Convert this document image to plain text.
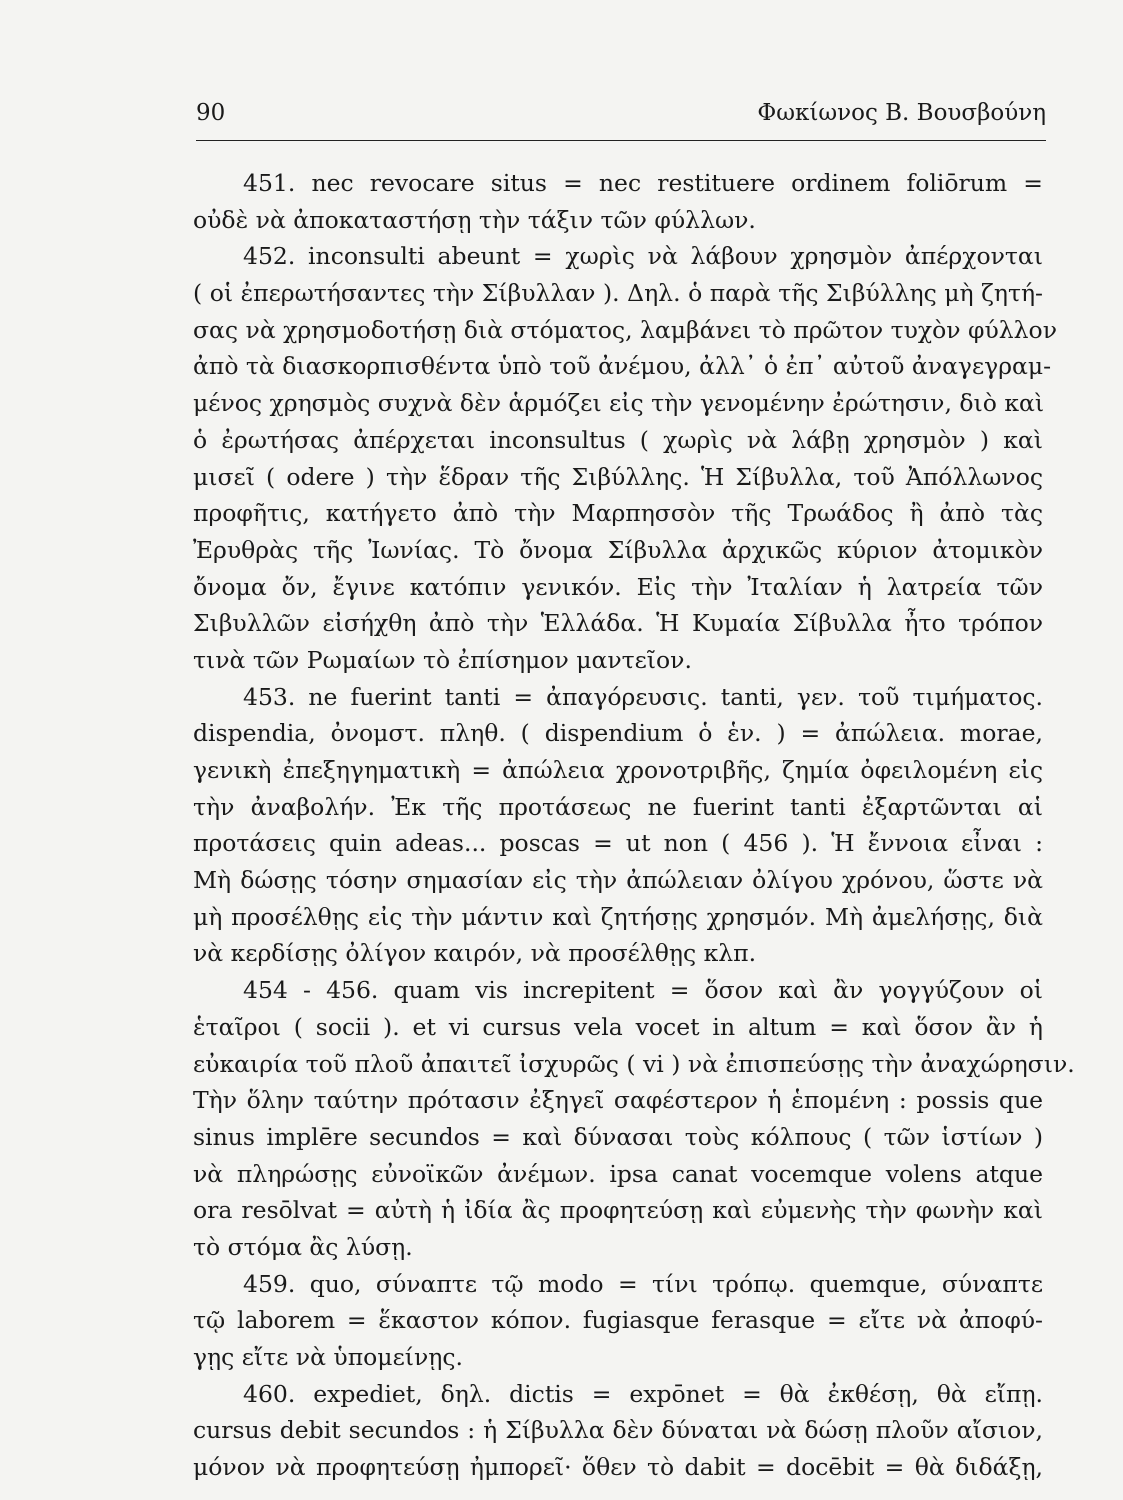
90	Φωκίωνος Β. Βουσβούνη
451. nec revocare situs = nec restituere ordinem foliōrum =
οὐδὲ νὰ ἀποκαταστήσῃ τὴν τάξιν τῶν φύλλων.
452. inconsulti abeunt = χωρὶς νὰ λάβουν χρησμὸν ἀπέρχονται
( οἱ ἐπερωτήσαντες τὴν Σίβυλλαν ). Δηλ. ὁ παρὰ τῆς Σιβύλλης μὴ ζητή-
σας νὰ χρησμοδοτήσῃ διὰ στόματος, λαμβάνει τὸ πρῶτον τυχὸν φύλλον
ἀπὸ τὰ διασκορπισθέντα ὑπὸ τοῦ ἀνέμου, ἀλλ᾽ ὁ ἐπ᾽ αὐτοῦ ἀναγεγραμ-
μένος χρησμὸς συχνὰ δὲν ἁρμόζει εἰς τὴν γενομένην ἐρώτησιν, διὸ καὶ
ὁ ἐρωτήσας ἀπέρχεται inconsultus ( χωρὶς νὰ λάβῃ χρησμὸν ) καὶ
μισεῖ ( odere ) τὴν ἕδραν τῆς Σιβύλλης. Ἡ Σίβυλλα, τοῦ Ἀπόλλωνος
προφῆτις, κατήγετο ἀπὸ τὴν Μαρπησσὸν τῆς Τρωάδος ἢ ἀπὸ τὰς
Ἐρυθρὰς τῆς Ἰωνίας. Τὸ ὄνομα Σίβυλλα ἀρχικῶς κύριον ἀτομικὸν
ὄνομα ὄν, ἔγινε κατόπιν γενικόν. Εἰς τὴν Ἰταλίαν ἡ λατρεία τῶν
Σιβυλλῶν εἰσήχθη ἀπὸ τὴν Ἑλλάδα. Ἡ Κυμαία Σίβυλλα ἦτο τρόπον
τινὰ τῶν Ρωμαίων τὸ ἐπίσημον μαντεῖον.
453. ne fuerint tanti = ἀπαγόρευσις. tanti, γεν. τοῦ τιμήματος.
dispendia, ὀνομστ. πληθ. ( dispendium ὁ ἑν. ) = ἀπώλεια. morae,
γενικὴ ἐπεξηγηματικὴ = ἀπώλεια χρονοτριβῆς, ζημία ὀφειλομένη εἰς
τὴν ἀναβολήν. Ἐκ τῆς προτάσεως ne fuerint tanti ἐξαρτῶνται αἱ
προτάσεις quin adeas... poscas = ut non ( 456 ). Ἡ ἔννοια εἶναι :
Μὴ δώσῃς τόσην σημασίαν εἰς τὴν ἀπώλειαν ὀλίγου χρόνου, ὥστε νὰ
μὴ προσέλθῃς εἰς τὴν μάντιν καὶ ζητήσῃς χρησμόν. Μὴ ἀμελήσῃς, διὰ
νὰ κερδίσῃς ὀλίγον καιρόν, νὰ προσέλθῃς κλπ.
454 - 456. quam vis increpitent = ὅσον καὶ ἂν γογγύζουν οἱ
ἑταῖροι ( socii ). et vi cursus vela vocet in altum = καὶ ὅσον ἂν ἡ
εὐκαιρία τοῦ πλοῦ ἀπαιτεῖ ἰσχυρῶς ( vi ) νὰ ἐπισπεύσῃς τὴν ἀναχώρησιν.
Τὴν ὅλην ταύτην πρότασιν ἐξηγεῖ σαφέστερον ἡ ἑπομένη : possis que
sinus implēre secundos = καὶ δύνασαι τοὺς κόλπους ( τῶν ἱστίων )
νὰ πληρώσῃς εὐνοϊκῶν ἀνέμων. ipsa canat vocemque volens atque
ora resōlvat = αὐτὴ ἡ ἰδία ἂς προφητεύσῃ καὶ εὐμενὴς τὴν φωνὴν καὶ
τὸ στόμα ἂς λύσῃ.
459. quo, σύναπτε τῷ modo = τίνι τρόπῳ. quemque, σύναπτε
τῷ laborem = ἕκαστον κόπον. fugiasque ferasque = εἴτε νὰ ἀποφύ-
γῃς εἴτε νὰ ὑπομείνῃς.
460. expediet, δηλ. dictis = expōnet = θὰ ἐκθέσῃ, θὰ εἴπῃ.
cursus debit secundos : ἡ Σίβυλλα δὲν δύναται νὰ δώσῃ πλοῦν αἴσιον,
μόνον νὰ προφητεύσῃ ἠμπορεῖ· ὅθεν τὸ dabit = docēbit = θὰ διδάξῃ,
